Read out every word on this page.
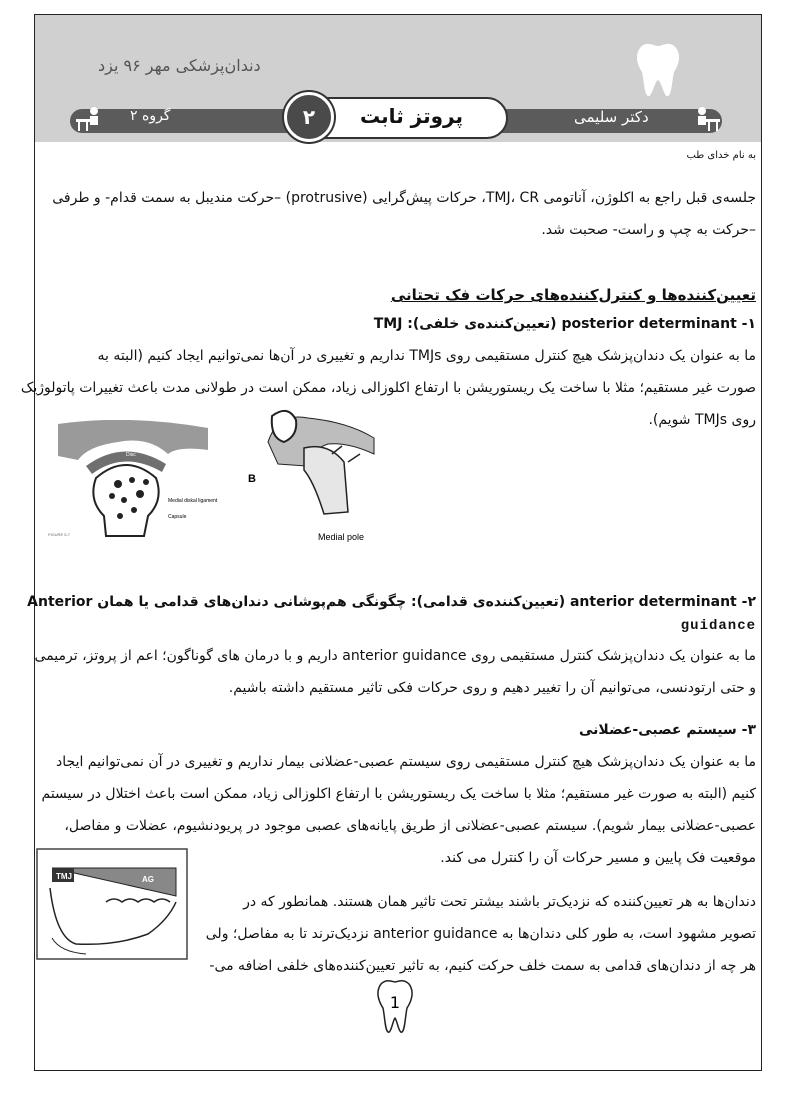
دندان‌پزشکی مهر ۹۶ یزد
گروه ۲	دکتر سلیمی
پروتز ثابت
۲
به نام خدای طب
جلسه‌ی قبل راجع به اکلوژن، آناتومی TMJ، CR، حرکات پیش‌گرایی (protrusive) –حرکت مندیبل به سمت قدام- و طرفی
–حرکت به چپ و راست- صحبت شد.
تعیین‌کننده‌ها و کنترل‌کننده‌های حرکات فک تحتانی
۱- posterior determinant (تعیین‌کننده‌ی خلفی): TMJ
ما به عنوان یک دندان‌پزشک هیچ کنترل مستقیمی روی TMJs نداریم و تغییری در آن‌ها نمی‌توانیم ایجاد کنیم (البته به
صورت غیر مستقیم؛ مثلا با ساخت یک ریستوریشن با ارتفاع اکلوزالی زیاد، ممکن است در طولانی مدت باعث تغییرات پاتولوژیک
روی TMJs شویم).
Disc
Medial diskal ligament
Capsule
FIGURE 5-7
B
Medial pole
۲- anterior determinant (تعیین‌کننده‌ی قدامی): چگونگی هم‌پوشانی دندان‌های قدامی یا همان Anterior
guidance
ما به عنوان یک دندان‌پزشک کنترل مستقیمی روی anterior guidance داریم و با درمان های گوناگون؛ اعم از پروتز، ترمیمی
و حتی ارتودنسی، می‌توانیم آن را تغییر دهیم و روی حرکات فکی تاثیر مستقیم داشته باشیم.
۳- سیستم عصبی-عضلانی
ما به عنوان یک دندان‌پزشک هیچ کنترل مستقیمی روی سیستم عصبی-عضلانی بیمار نداریم و تغییری در آن نمی‌توانیم ایجاد
کنیم (البته به صورت غیر مستقیم؛ مثلا با ساخت یک ریستوریشن با ارتفاع اکلوزالی زیاد، ممکن است باعث اختلال در سیستم
عصبی-عضلانی بیمار شویم). سیستم عصبی-عضلانی از طریق پایانه‌های عصبی موجود در پریودنشیوم، عضلات و مفاصل،
موقعیت فک پایین و مسیر حرکات آن را کنترل می کند.
TMJ	AG
دندان‌ها به هر تعیین‌کننده که نزدیک‌تر باشند بیشتر تحت تاثیر همان هستند. همانطور که در
تصویر مشهود است، به طور کلی دندان‌ها به anterior guidance نزدیک‌ترند تا به مفاصل؛ ولی
هر چه از دندان‌های قدامی به سمت خلف حرکت کنیم، به تاثیر تعیین‌کننده‌های خلفی اضافه می-
1
